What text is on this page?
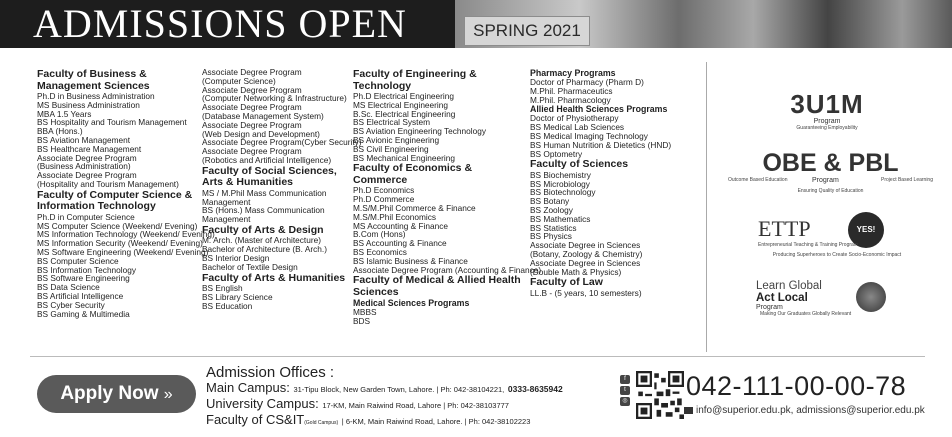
ADMISSIONS OPEN	SPRING 2021
Faculty of Business & Management Sciences
Ph.D in Business Administration
MS Business Administration
MBA 1.5 Years
BS Hospitality and Tourism Management
BBA (Hons.)
BS Aviation Management
BS Healthcare Management
Associate Degree Program
(Business Administration)
Associate Degree Program
(Hospitality and Tourism Management)
Faculty of Computer Science & Information Technology
Ph.D in Computer Science
MS Computer Science (Weekend/ Evening)
MS Information Technology (Weekend/ Evening)
MS Information Security (Weekend/ Evening)
MS Software Engineering (Weekend/ Evening)
BS Computer Science
BS Information Technology
BS Software Engineering
BS Data Science
BS Artificial Intelligence
BS Cyber Security
BS Gaming & Multimedia
Associate Degree Program
(Computer Science)
Associate Degree Program
(Computer Networking & Infrastructure)
Associate Degree Program
(Database Management System)
Associate Degree Program
(Web Design and Development)
Associate Degree Program(Cyber Security)
Associate Degree Program
(Robotics and Artificial Intelligence)
Faculty of Social Sciences, Arts & Humanities
MS / M.Phil Mass Communication
Management
BS (Hons.) Mass Communication
Management
Faculty of Arts & Design
M. Arch. (Master of Architecture)
Bachelor of Architecture (B. Arch.)
BS Interior Design
Bachelor of Textile Design
Faculty of Arts & Humanities
BS English
BS Library Science
BS Education
Faculty of Engineering & Technology
Ph.D Electrical Engineering
MS Electrical Engineering
B.Sc. Electrical Engineering
BS Electrical System
BS Aviation Engineering Technology
BS Avionic Engineering
BS Civil Engineering
BS Mechanical Engineering
Faculty of Economics & Commerce
Ph.D Economics
Ph.D Commerce
M.S/M.Phil Commerce & Finance
M.S/M.Phil Economics
MS Accounting & Finance
B.Com (Hons)
BS Accounting & Finance
BS Economics
BS Islamic Business & Finance
Associate Degree Program (Accounting & Finance)
Faculty of Medical & Allied Health Sciences
Medical Sciences Programs
MBBS
BDS
Pharmacy Programs
Doctor of Pharmacy (Pharm D)
M.Phil. Pharmaceutics
M.Phil. Pharmacology
Allied Health Sciences Programs
Doctor of Physiotherapy
BS Medical Lab Sciences
BS Medical Imaging Technology
BS Human Nutrition & Dietetics (HND)
BS Optometry
Faculty of Sciences
BS Biochemistry
BS Microbiology
BS Biotechnology
BS Botany
BS Zoology
BS Mathematics
BS Statistics
BS Physics
Associate Degree in Sciences
(Botany, Zoology & Chemistry)
Associate Degree in Sciences
(Double Math & Physics)
Faculty of Law
LL.B - (5 years, 10 semesters)
3U1M
Program
Guaranteeing Employability
OBE & PBL
Outcome Based Education	Program	Project Based Learning
Ensuring Quality of Education
ETTP	YES!
Entrepreneurial Teaching & Training Program
Producing Superheroes to Create Socio-Economic Impact
Learn Global
Act Local
Program
Making Our Graduates Globally Relevant
Apply Now »
Admission Offices :
Main Campus: 31-Tipu Block, New Garden Town, Lahore. | Ph: 042-38104221, 0333-8635942
University Campus: 17-KM, Main Raiwind Road, Lahore | Ph: 042-38103777
Faculty of CS&IT(Gold Campus) | 6-KM, Main Raiwind Road, Lahore. | Ph: 042-38102223
f
t
◎ 042-111-00-00-78
info@superior.edu.pk, admissions@superior.edu.pk
